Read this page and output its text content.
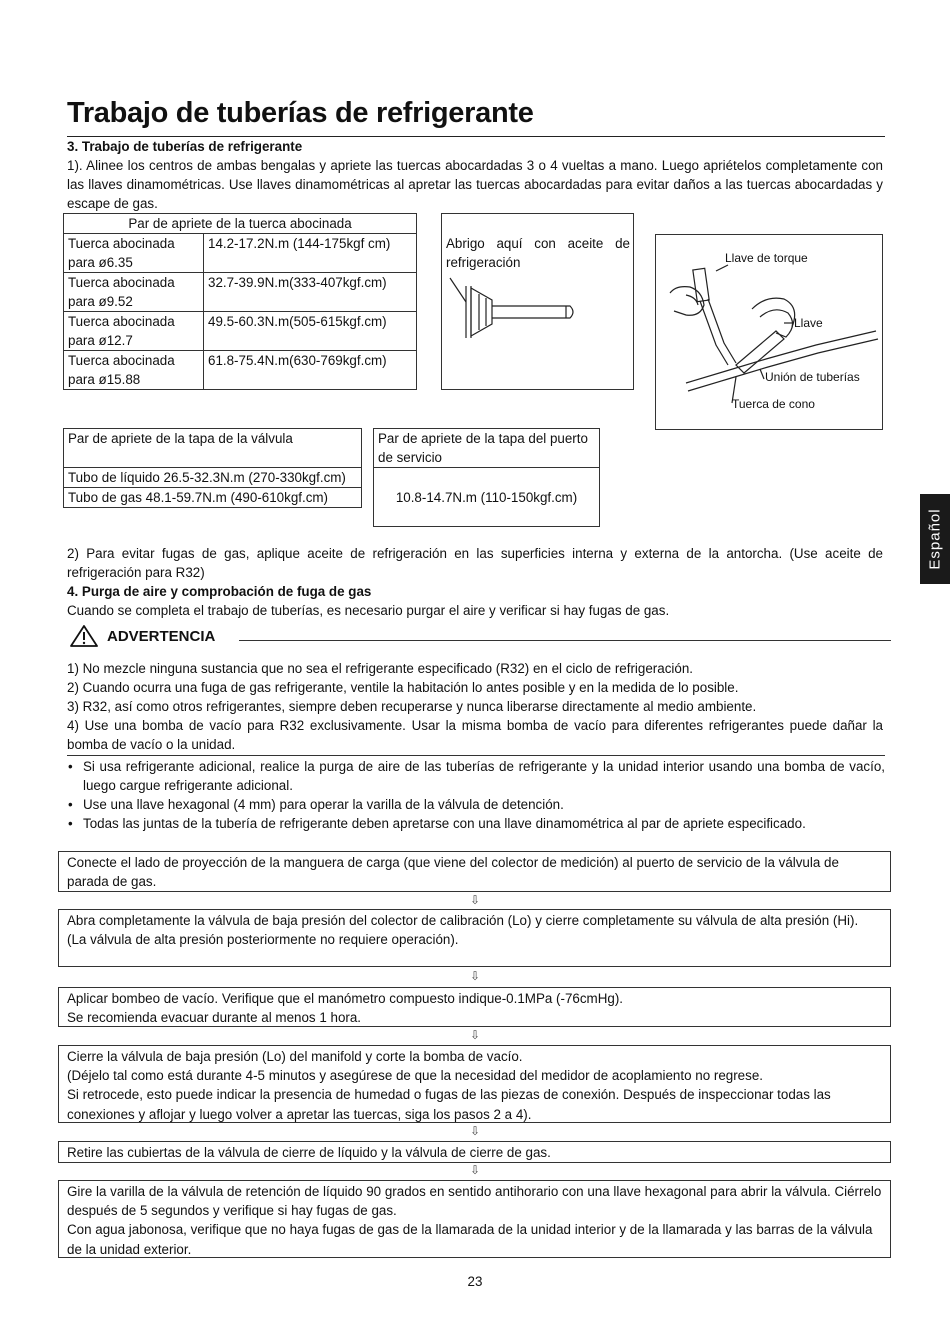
Trabajo de tuberías de refrigerante
3. Trabajo de tuberías de refrigerante
1). Alinee los centros de ambas bengalas y apriete las tuercas abocardadas 3 o 4 vueltas a mano. Luego apriételos completamente con las llaves dinamométricas. Use llaves dinamométricas al apretar las tuercas abocardadas para evitar daños a las tuercas abocardadas y escape de gas.
Par de apriete de la tuerca abocinada	
Tuerca abocinada para ø6.35	14.2-17.2N.m (144-175kgf cm)
Tuerca abocinada para ø9.52	32.7-39.9N.m(333-407kgf.cm)
Tuerca abocinada para ø12.7	49.5-60.3N.m(505-615kgf.cm)
Tuerca abocinada para ø15.88	61.8-75.4N.m(630-769kgf.cm)
Abrigo aquí con aceite de refrigeración	Llave de torque
Llave
Unión de tuberías
Tuerca de cono
Par de apriete de la tapa de la válvula
Tubo de líquido 26.5-32.3N.m (270-330kgf.cm)
Tubo de gas 48.1-59.7N.m (490-610kgf.cm)
Par de apriete de la tapa del puerto de servicio
10.8-14.7N.m (110-150kgf.cm)
Español
2) Para evitar fugas de gas, aplique aceite de refrigeración en las superficies interna y externa de la antorcha. (Use aceite de refrigeración para R32)
4. Purga de aire y comprobación de fuga de gas
Cuando se completa el trabajo de tuberías, es necesario purgar el aire y verificar si hay fugas de gas.
ADVERTENCIA
1) No mezcle ninguna sustancia que no sea el refrigerante especificado (R32) en el ciclo de refrigeración.
2) Cuando ocurra una fuga de gas refrigerante, ventile la habitación lo antes posible y en la medida de lo posible.
3) R32, así como otros refrigerantes, siempre deben recuperarse y nunca liberarse directamente al medio ambiente.
4) Use una bomba de vacío para R32 exclusivamente. Usar la misma bomba de vacío para diferentes refrigerantes puede dañar la bomba de vacío o la unidad.
• Si usa refrigerante adicional, realice la purga de aire de las tuberías de refrigerante y la unidad interior usando una bomba de vacío, luego cargue refrigerante adicional.
• Use una llave hexagonal (4 mm) para operar la varilla de la válvula de detención.
• Todas las juntas de la tubería de refrigerante deben apretarse con una llave dinamométrica al par de apriete especificado.
Conecte el lado de proyección de la manguera de carga (que viene del colector de medición) al puerto de servicio de la válvula de parada de gas.
⇩
Abra completamente la válvula de baja presión del colector de calibración (Lo) y cierre completamente su válvula de alta presión (Hi).
(La válvula de alta presión posteriormente no requiere operación).
⇩
Aplicar bombeo de vacío. Verifique que el manómetro compuesto indique-0.1MPa (-76cmHg).
Se recomienda evacuar durante al menos 1 hora.
⇩
Cierre la válvula de baja presión (Lo) del manifold y corte la bomba de vacío.
(Déjelo tal como está durante 4-5 minutos y asegúrese de que la necesidad del medidor de acoplamiento no regrese.
Si retrocede, esto puede indicar la presencia de humedad o fugas de las piezas de conexión. Después de inspeccionar todas las conexiones y aflojar y luego volver a apretar las tuercas, siga los pasos 2 a 4).
⇩
Retire las cubiertas de la válvula de cierre de líquido y la válvula de cierre de gas.
⇩
Gire la varilla de la válvula de retención de líquido 90 grados en sentido antihorario con una llave hexagonal para abrir la válvula. Ciérrelo después de 5 segundos y verifique si hay fugas de gas.
Con agua jabonosa, verifique que no haya fugas de gas de la llamarada de la unidad interior y de la llamarada y las barras de la válvula de la unidad exterior.
23
